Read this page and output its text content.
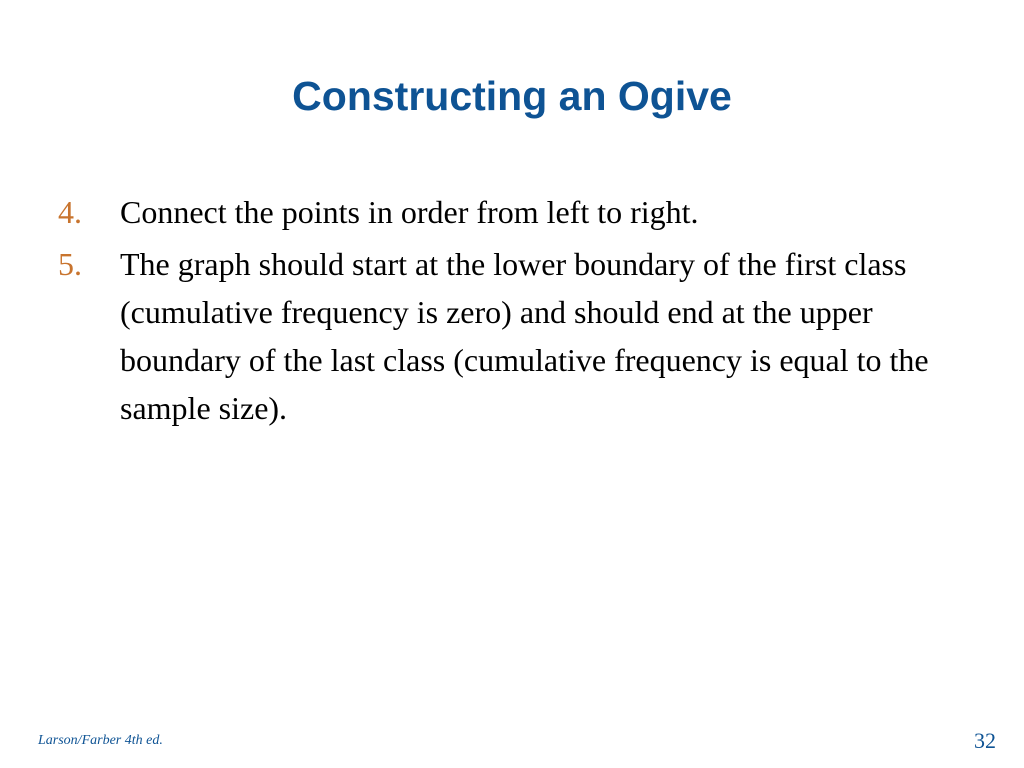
Constructing an Ogive
4.	Connect the points in order from left to right.
5.	The graph should start at the lower boundary of the first class (cumulative frequency is zero) and should end at the upper boundary of the last class (cumulative frequency is equal to the sample size).
Larson/Farber 4th ed.	32
